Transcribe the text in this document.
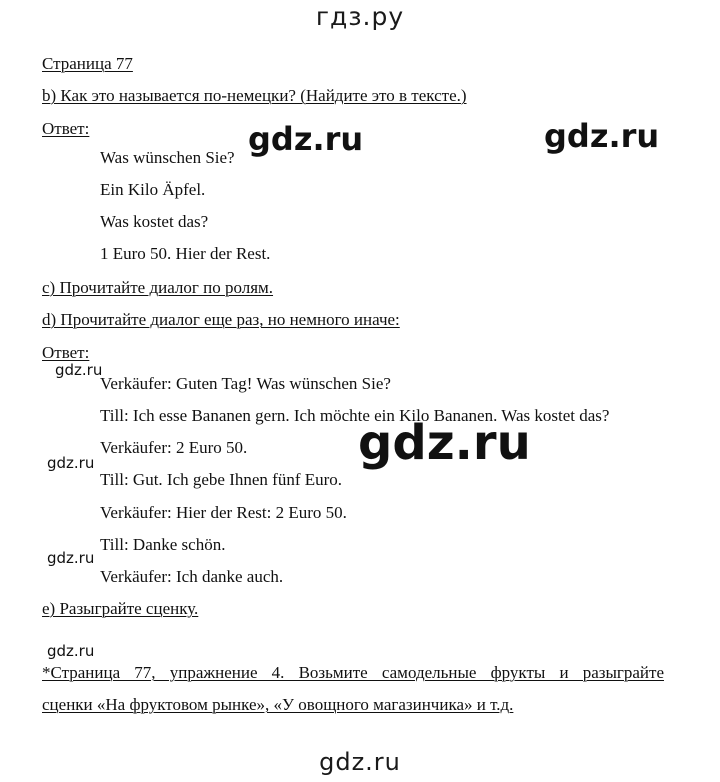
гдз.ру
Страница 77
b) Как это называется по-немецки? (Найдите это в тексте.)
Ответ:
Was wünschen Sie?
Ein Kilo Äpfel.
Was kostet das?
1 Euro 50. Hier der Rest.
c) Прочитайте диалог по ролям.
d) Прочитайте диалог еще раз, но немного иначе:
Ответ:
Verkäufer: Guten Tag! Was wünschen Sie?
Till: Ich esse Bananen gern. Ich möchte ein Kilo Bananen. Was kostet das?
Verkäufer: 2 Euro 50.
Till: Gut. Ich gebe Ihnen fünf Euro.
Verkäufer: Hier der Rest: 2 Euro 50.
Till: Danke schön.
Verkäufer: Ich danke auch.
e) Разыграйте сценку.
*Страница 77, упражнение 4. Возьмите самодельные фрукты и разыграйте
сценки «На фруктовом рынке», «У овощного магазинчика» и т.д.
gdz.ru	gdz.ru
gdz.ru
gdz.ru
gdz.ru
gdz.ru
gdz.ru
gdz.ru
